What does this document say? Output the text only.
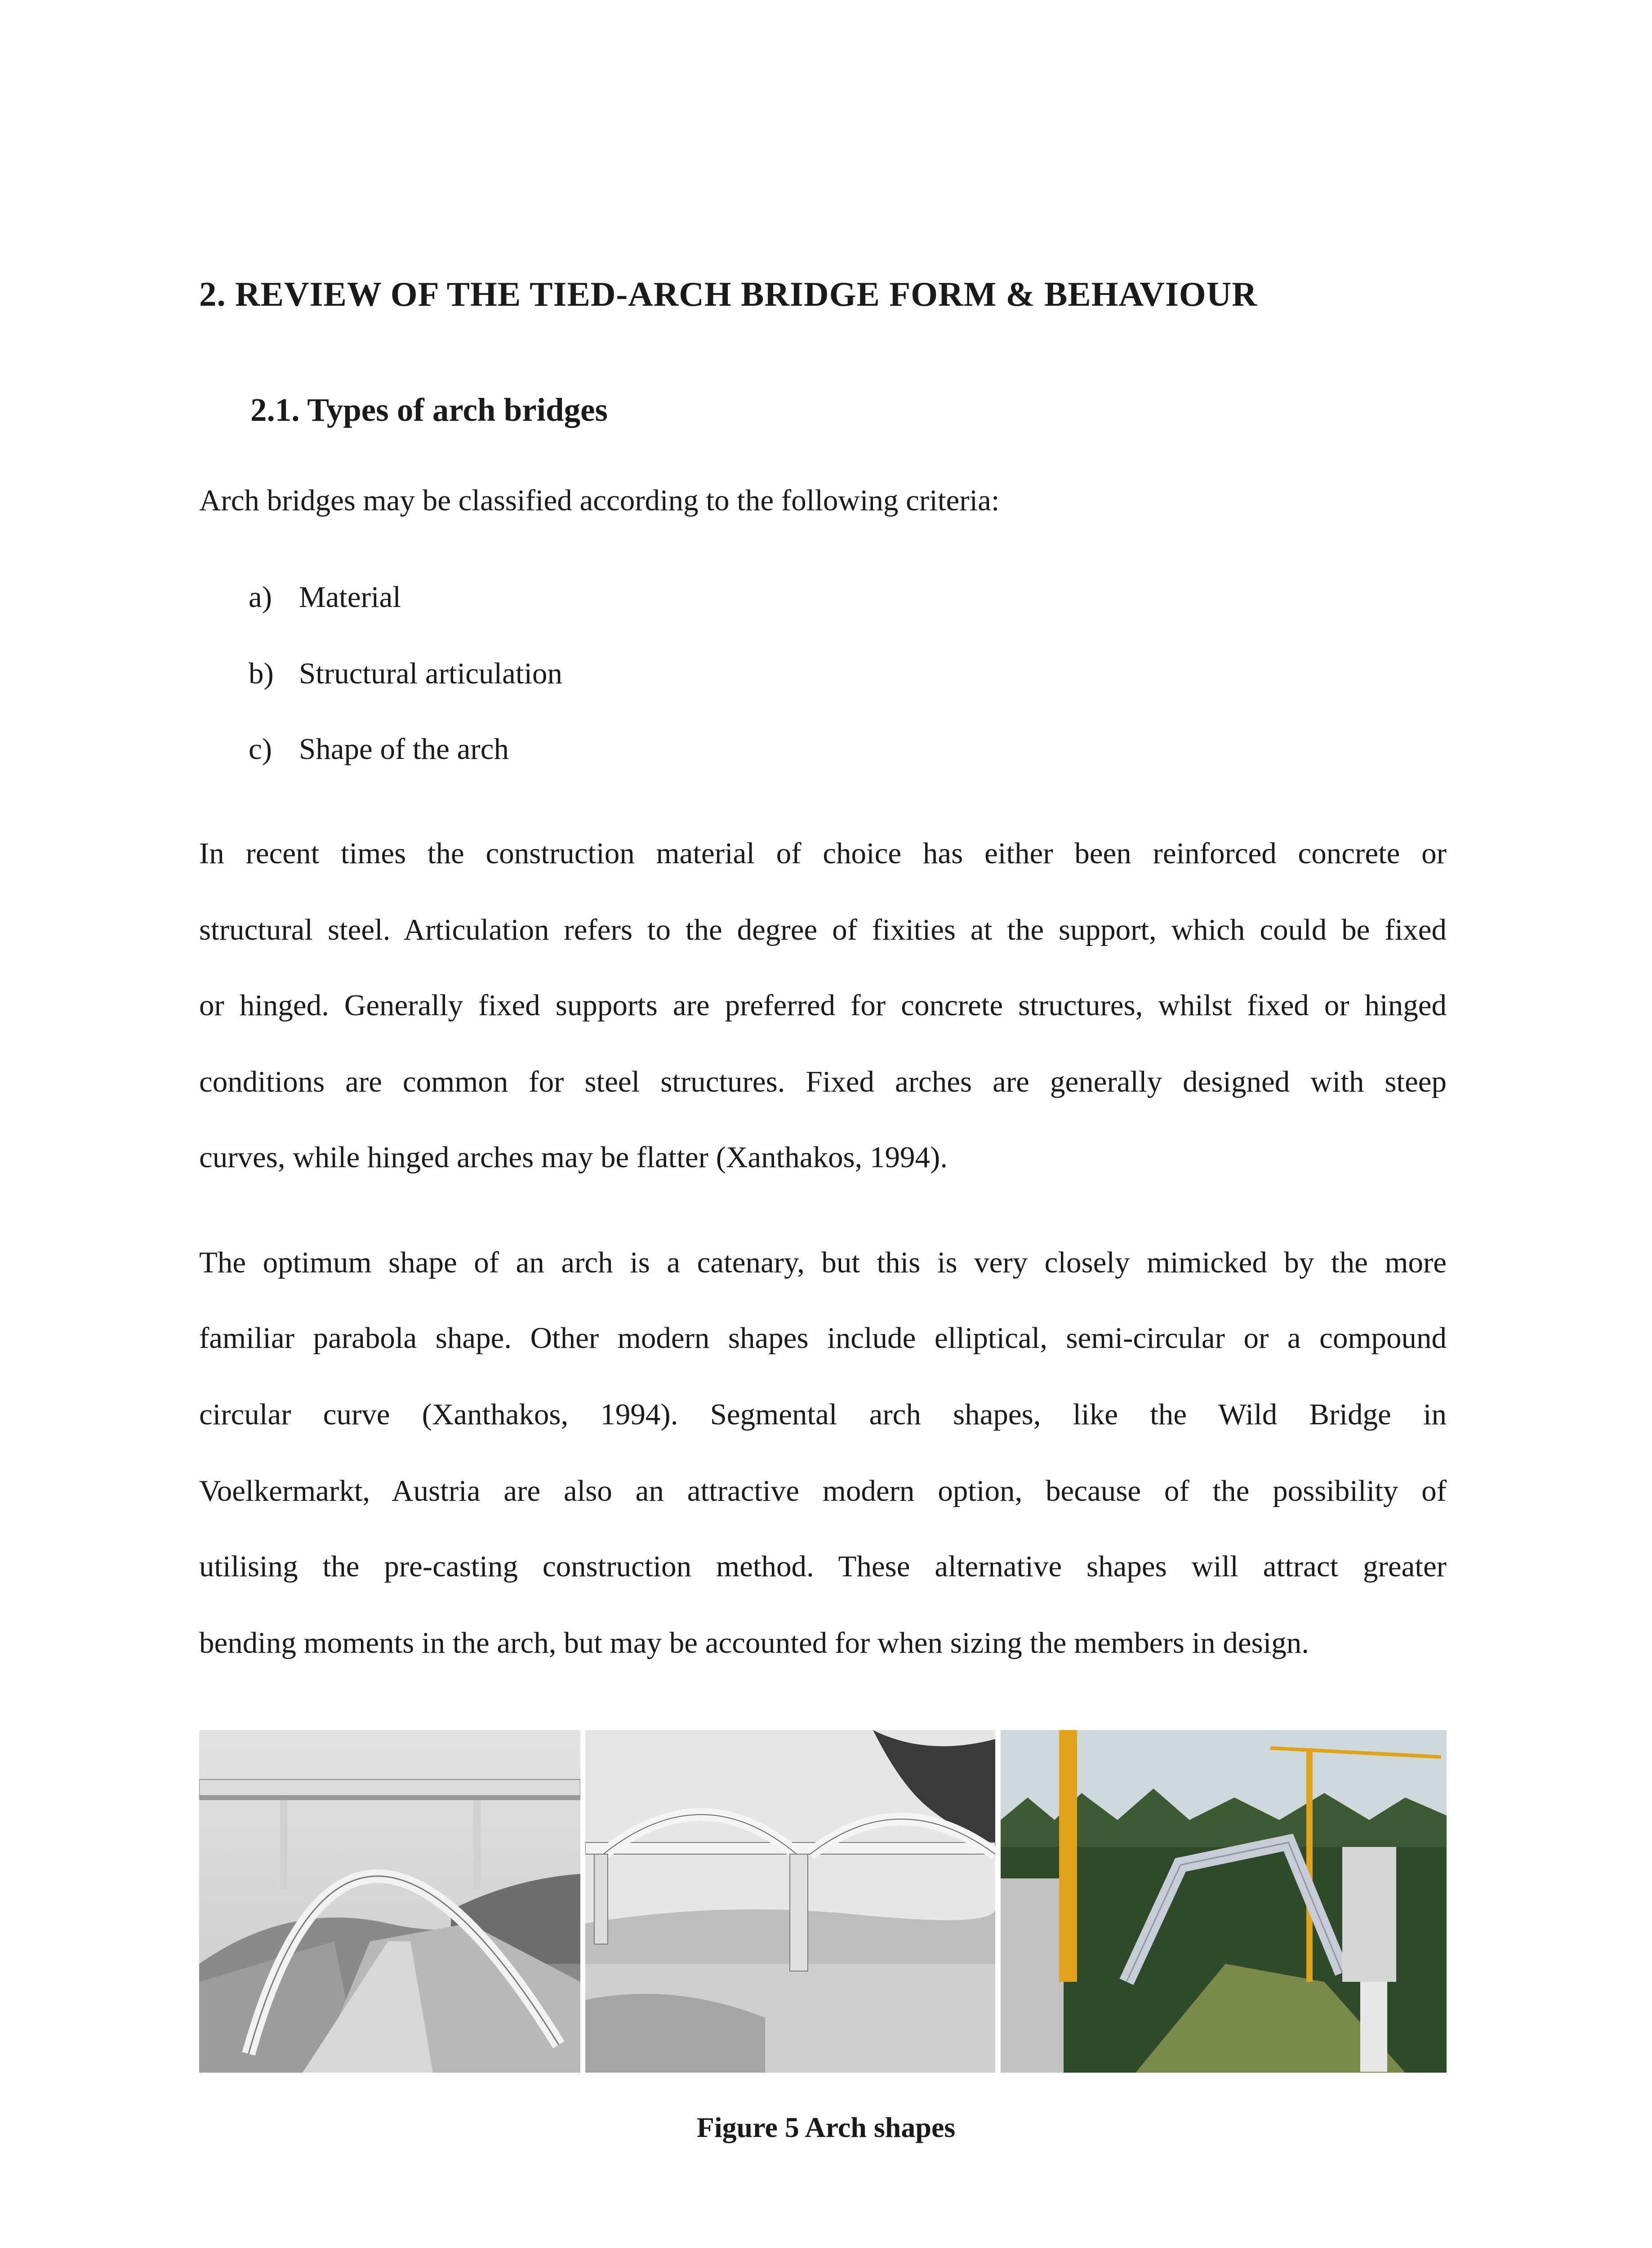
2. REVIEW OF THE TIED-ARCH BRIDGE FORM & BEHAVIOUR
2.1. Types of arch bridges
Arch bridges may be classified according to the following criteria:
a) Material
b) Structural articulation
c) Shape of the arch
In recent times the construction material of choice has either been reinforced concrete or
structural steel. Articulation refers to the degree of fixities at the support, which could be fixed
or hinged. Generally fixed supports are preferred for concrete structures, whilst fixed or hinged
conditions are common for steel structures. Fixed arches are generally designed with steep
curves, while hinged arches may be flatter (Xanthakos, 1994).
The optimum shape of an arch is a catenary, but this is very closely mimicked by the more
familiar parabola shape. Other modern shapes include elliptical, semi-circular or a compound
circular curve (Xanthakos, 1994). Segmental arch shapes, like the Wild Bridge in
Voelkermarkt, Austria are also an attractive modern option, because of the possibility of
utilising the pre-casting construction method. These alternative shapes will attract greater
bending moments in the arch, but may be accounted for when sizing the members in design.
Figure 5 Arch shapes
